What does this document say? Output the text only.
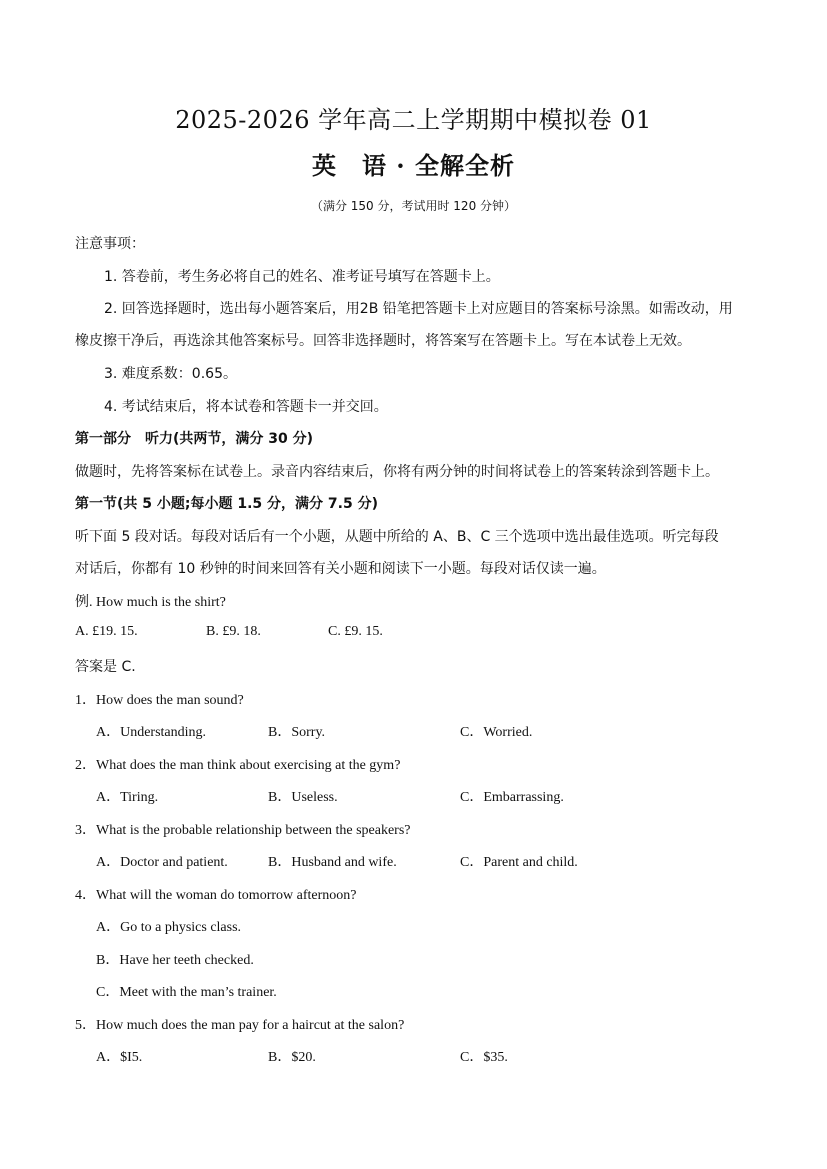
2025-2026 学年高二上学期期中模拟卷 01
英　语 · 全解全析
（满分 150 分，考试用时 120 分钟）
注意事项：
1. 答卷前，考生务必将自己的姓名、准考证号填写在答题卡上。
2. 回答选择题时，选出每小题答案后，用2B 铅笔把答题卡上对应题目的答案标号涂黑。如需改动，用
橡皮擦干净后，再选涂其他答案标号。回答非选择题时，将答案写在答题卡上。写在本试卷上无效。
3. 难度系数：0.65。
4. 考试结束后，将本试卷和答题卡一并交回。
第一部分　听力(共两节，满分 30 分)
做题时，先将答案标在试卷上。录音内容结束后，你将有两分钟的时间将试卷上的答案转涂到答题卡上。
第一节(共 5 小题;每小题 1.5 分，满分 7.5 分)
听下面 5 段对话。每段对话后有一个小题，从题中所给的 A、B、C 三个选项中选出最佳选项。听完每段
对话后，你都有 10 秒钟的时间来回答有关小题和阅读下一小题。每段对话仅读一遍。
例. How much is the shirt?
A. £19. 15.	B. £9. 18.	C. £9. 15.
答案是 C.
1．How does the man sound?
A．Understanding.	B．Sorry.	C．Worried.
2．What does the man think about exercising at the gym?
A．Tiring.	B．Useless.	C．Embarrassing.
3．What is the probable relationship between the speakers?
A．Doctor and patient.	B．Husband and wife.	C．Parent and child.
4．What will the woman do tomorrow afternoon?
A．Go to a physics class.
B．Have her teeth checked.
C．Meet with the man’s trainer.
5．How much does the man pay for a haircut at the salon?
A．$I5.	B．$20.	C．$35.
